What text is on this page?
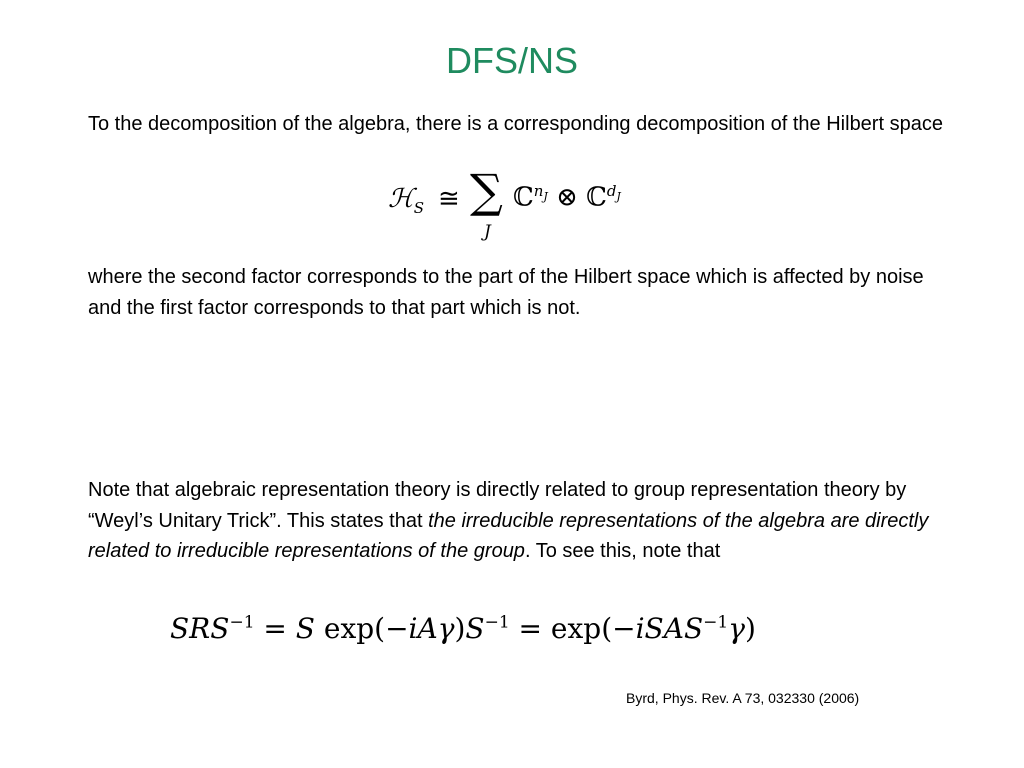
DFS/NS
To the decomposition of the algebra, there is a corresponding decomposition of the Hilbert space
ℋ$_S$ ≅ ∑
J
ℂ$^{n_J}$ ⊗ ℂ$^{d_J}$
where the second factor corresponds to the part of the Hilbert space which is affected by noise and the first factor corresponds to that part which is not.
Note that algebraic representation theory is directly related to group representation theory by “Weyl’s Unitary Trick”. This states that the irreducible representations of the algebra are directly related to irreducible representations of the group. To see this, note that
$SRS^{-1} = S$ $\exp(-iA\gamma)S^{-1}$ = exp(−iSAS$^{-1}$γ)
Byrd, Phys. Rev. A 73, 032330 (2006)
